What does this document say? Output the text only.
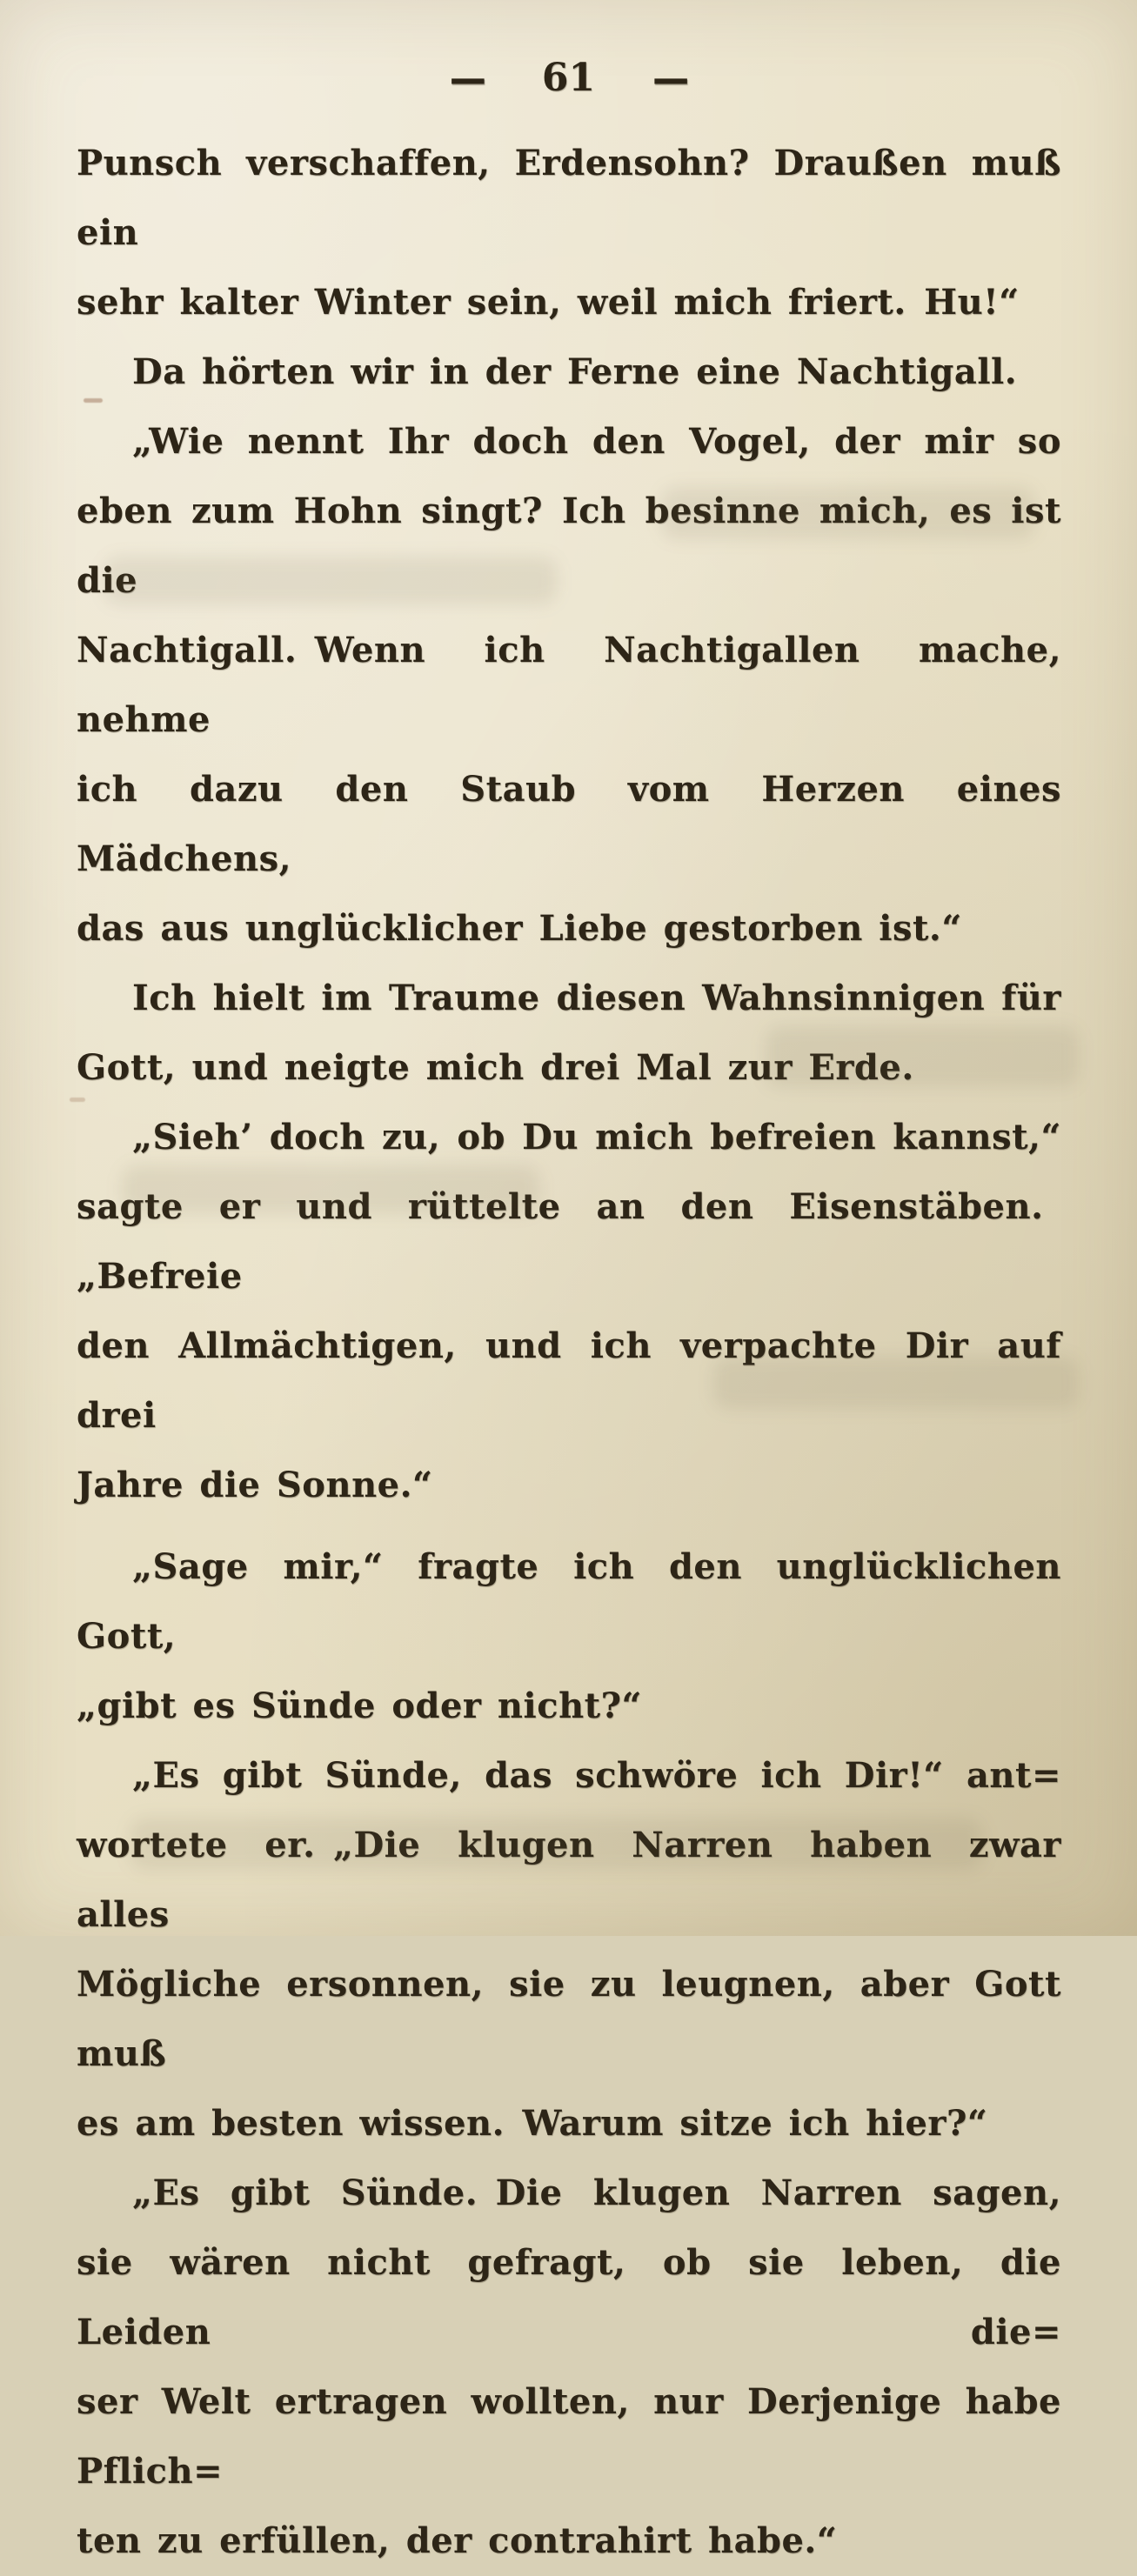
— 61 —
Punsch verschaffen, Erdensohn? Draußen muß ein
sehr kalter Winter sein, weil mich friert. Hu!“
Da hörten wir in der Ferne eine Nachtigall.
„Wie nennt Ihr doch den Vogel, der mir so
eben zum Hohn singt? Ich besinne mich, es ist die
Nachtigall. Wenn ich Nachtigallen mache, nehme
ich dazu den Staub vom Herzen eines Mädchens,
das aus unglücklicher Liebe gestorben ist.“
Ich hielt im Traume diesen Wahnsinnigen für
Gott, und neigte mich drei Mal zur Erde.
„Sieh’ doch zu, ob Du mich befreien kannst,“
sagte er und rüttelte an den Eisenstäben. „Befreie
den Allmächtigen, und ich verpachte Dir auf drei
Jahre die Sonne.“
„Sage mir,“ fragte ich den unglücklichen Gott,
„gibt es Sünde oder nicht?“
„Es gibt Sünde, das schwöre ich Dir!“ ant=
wortete er. „Die klugen Narren haben zwar alles
Mögliche ersonnen, sie zu leugnen, aber Gott muß
es am besten wissen. Warum sitze ich hier?“
„Es gibt Sünde. Die klugen Narren sagen,
sie wären nicht gefragt, ob sie leben, die Leiden die=
ser Welt ertragen wollten, nur Derjenige habe Pflich=
ten zu erfüllen, der contrahirt habe.“
